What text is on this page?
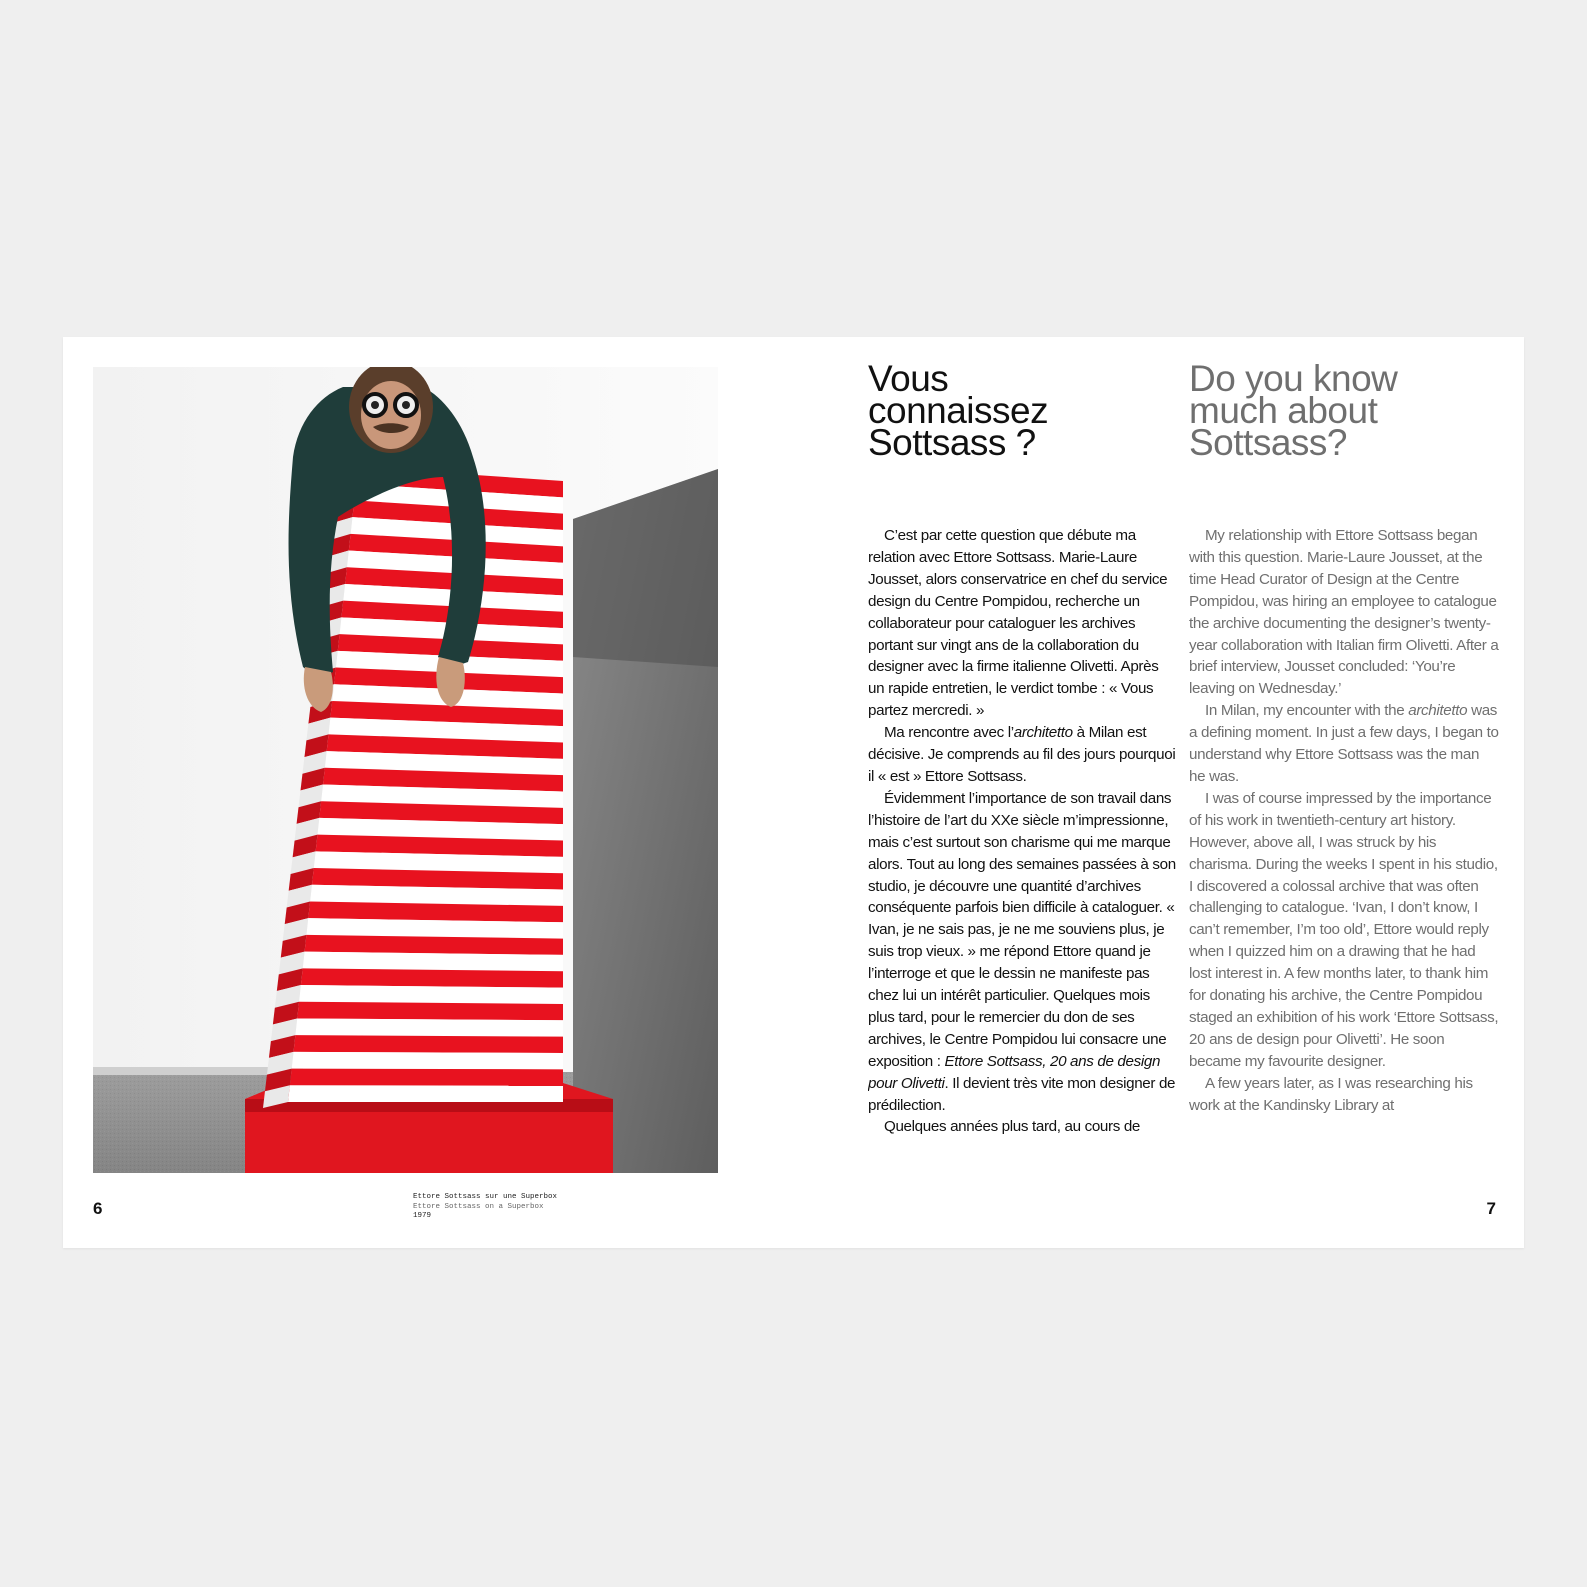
Ettore Sottsass sur une Superbox
Ettore Sottsass on a Superbox
1979
6	7
Vous
connaissez
Sottsass ?
Do you know
much about
Sottsass?

C’est par cette question que débute ma relation avec Ettore Sottsass. Marie-Laure Jousset, alors conservatrice en chef du service design du Centre Pompidou, recherche un collaborateur pour cataloguer les archives portant sur vingt ans de la collaboration du designer avec la firme italienne Olivetti. Après un rapide entretien, le verdict tombe : « Vous partez mercredi. »

Ma rencontre avec l’architetto à Milan est décisive. Je comprends au fil des jours pourquoi il « est » Ettore Sottsass.

Évidemment l’importance de son travail dans l’histoire de l’art du XXe siècle m’impressionne, mais c’est surtout son charisme qui me marque alors. Tout au long des semaines passées à son studio, je découvre une quantité d’archives conséquente parfois bien difficile à cataloguer. « Ivan, je ne sais pas, je ne me souviens plus, je suis trop vieux. » me répond Ettore quand je l’interroge et que le dessin ne manifeste pas chez lui un intérêt particulier. Quelques mois plus tard, pour le remercier du don de ses archives, le Centre Pompidou lui consacre une exposition : Ettore Sottsass, 20 ans de design pour Olivetti. Il devient très vite mon designer de prédilection.

Quelques années plus tard, au cours de

My relationship with Ettore Sottsass began with this question. Marie-Laure Jousset, at the time Head Curator of Design at the Centre Pompidou, was hiring an employee to catalogue the archive documenting the designer’s twenty-year collaboration with Italian firm Olivetti. After a brief interview, Jousset concluded: ‘You’re leaving on Wednesday.’

In Milan, my encounter with the architetto was a defining moment. In just a few days, I began to understand why Ettore Sottsass was the man he was.

I was of course impressed by the importance of his work in twentieth-century art history. However, above all, I was struck by his charisma. During the weeks I spent in his studio, I discovered a colossal archive that was often challenging to catalogue. ‘Ivan, I don’t know, I can’t remember, I’m too old’, Ettore would reply when I quizzed him on a drawing that he had lost interest in. A few months later, to thank him for donating his archive, the Centre Pompidou staged an exhibition of his work ‘Ettore Sottsass, 20 ans de design pour Olivetti’. He soon became my favourite designer.

A few years later, as I was researching his work at the Kandinsky Library at
